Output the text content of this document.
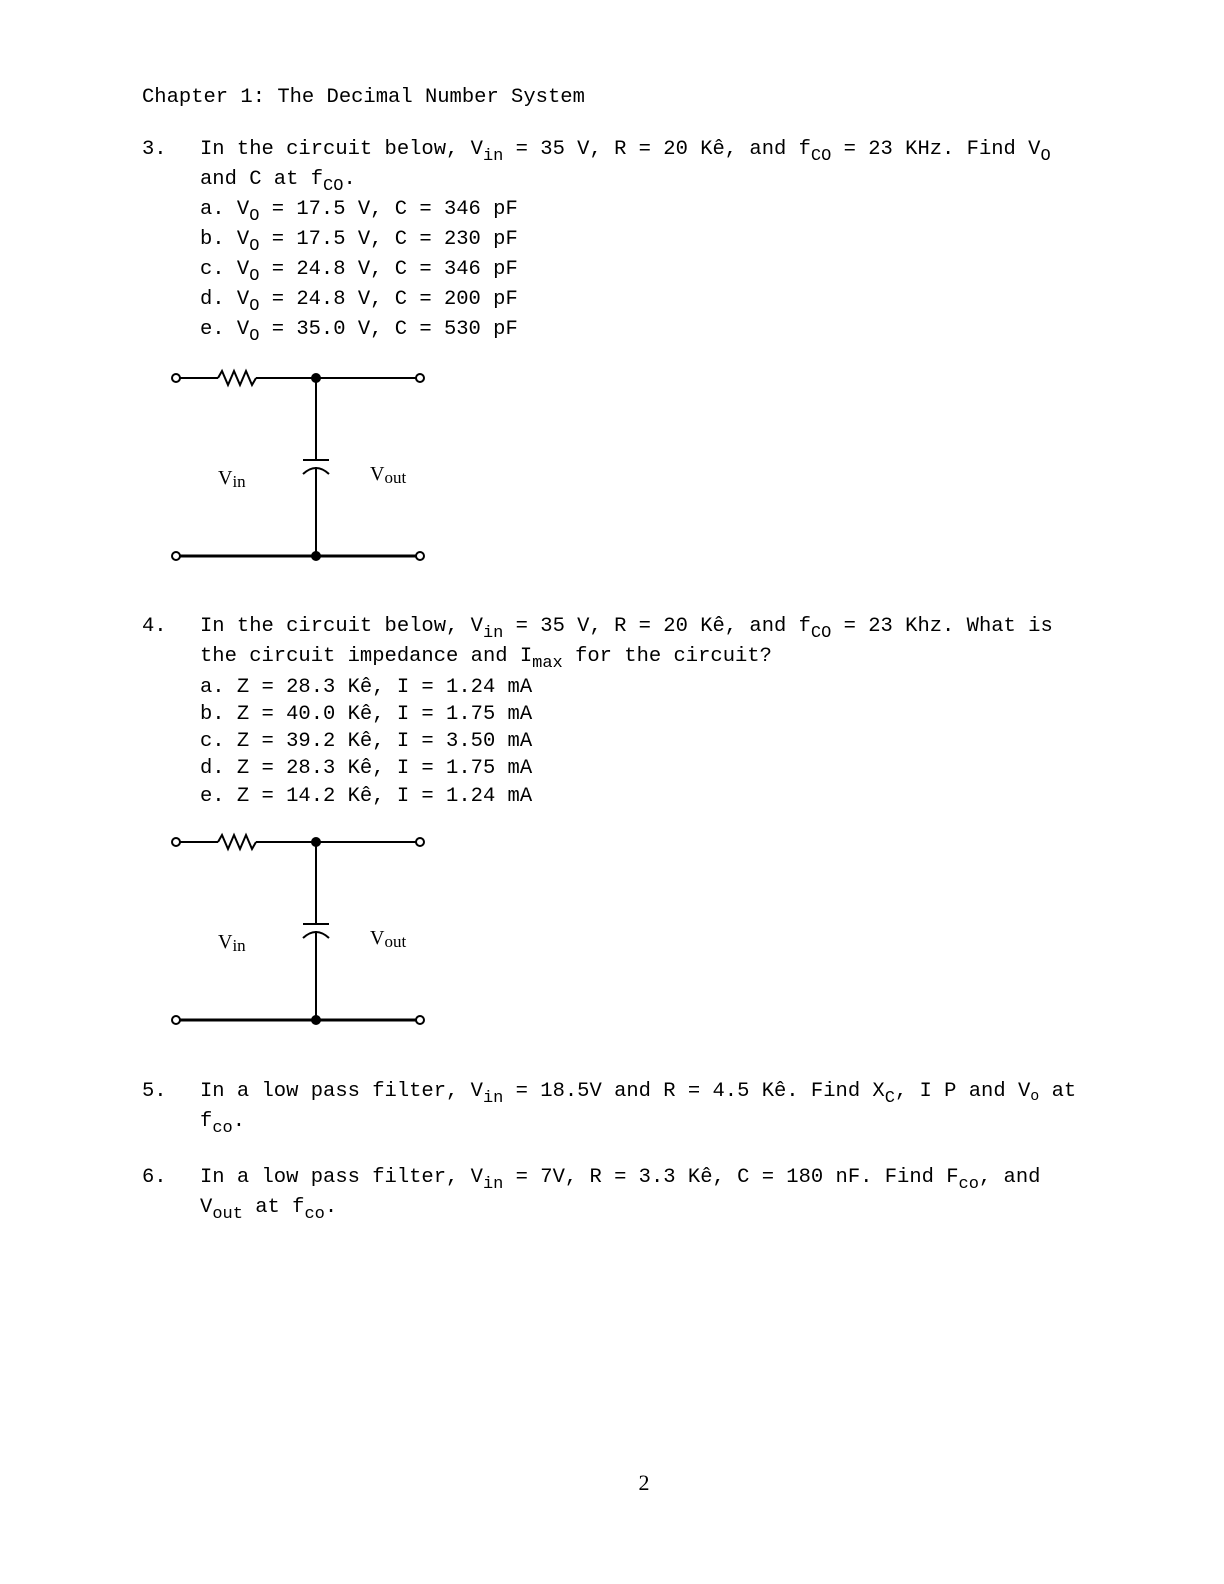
Chapter 1: The Decimal Number System
3. In the circuit below, $V_{in} = 35$ V, R = 20 Kê, and $f_{CO} = 23$ KHz. Find $V_O$
and C at $f_{CO}$.
a. $V_O = 17.5$ V, C = 346 pF
b. $V_O = 17.5$ V, C = 230 pF
c. $V_O = 24.8$ V, C = 346 pF
d. $V_O = 24.8$ V, C = 200 pF
e. $V_O = 35.0$ V, C = 530 pF
Vin	Vout
4. In the circuit below, $V_{in} = 35$ V, R = 20 Kê, and $f_{CO} = 23$ Khz. What is
the circuit impedance and $I_{max}$ for the circuit?
a. Z = 28.3 Kê, I = 1.24 mA
b. Z = 40.0 Kê, I = 1.75 mA
c. Z = 39.2 Kê, I = 3.50 mA
d. Z = 28.3 Kê, I = 1.75 mA
e. Z = 14.2 Kê, I = 1.24 mA
Vin	Vout
5. In a low pass filter, $V_{in} = 18.5V$ and R = 4.5 Kê. Find $X_C$, I P and Vo at
$f_{co}$.
6. In a low pass filter, $V_{in} = 7V$, R = 3.3 Kê, C = 180 nF. Find $F_{co}$, and
$V_{out}$ at $f_{co}$.
2
